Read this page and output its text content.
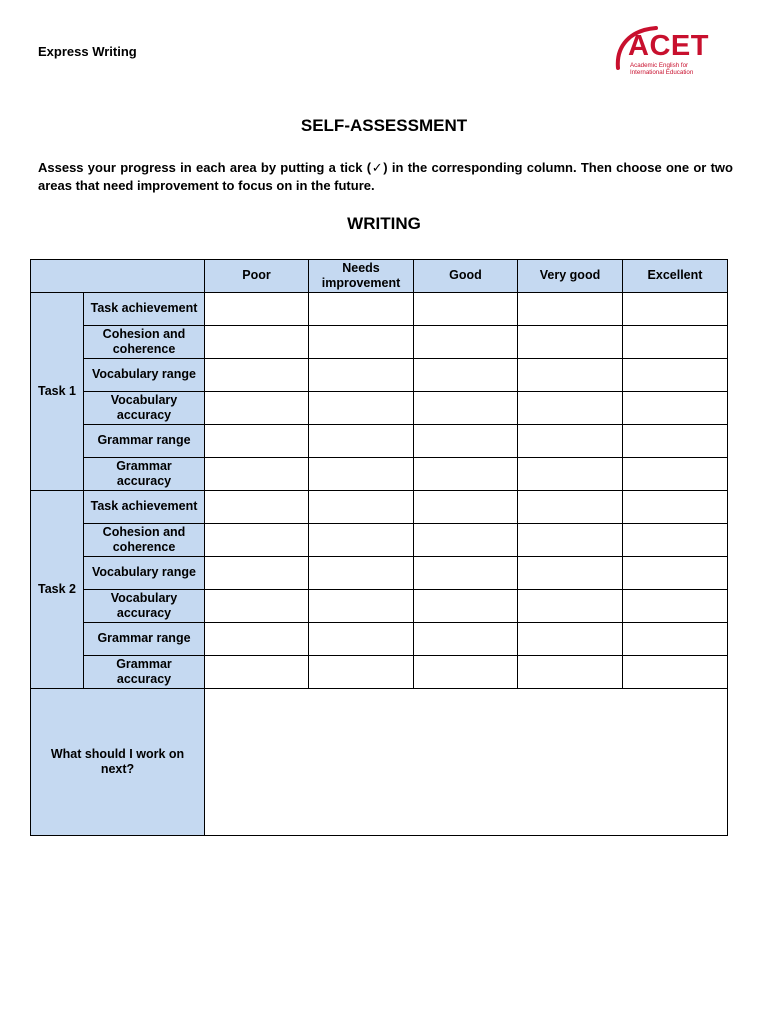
Express Writing	ACET
Academic English for
International Education
SELF-ASSESSMENT
Assess your progress in each area by putting a tick (✓) in the corresponding column. Then choose one or two areas that need improvement to focus on in the future.
WRITING
		Poor	Needs improvement	Good	Very good	Excellent
Task 1	Task achievement					
	Cohesion and coherence					
	Vocabulary range					
	Vocabulary accuracy					
	Grammar range					
	Grammar accuracy					
Task 2	Task achievement					
	Cohesion and coherence					
	Vocabulary range					
	Vocabulary accuracy					
	Grammar range					
	Grammar accuracy					
What should I work on next?						
